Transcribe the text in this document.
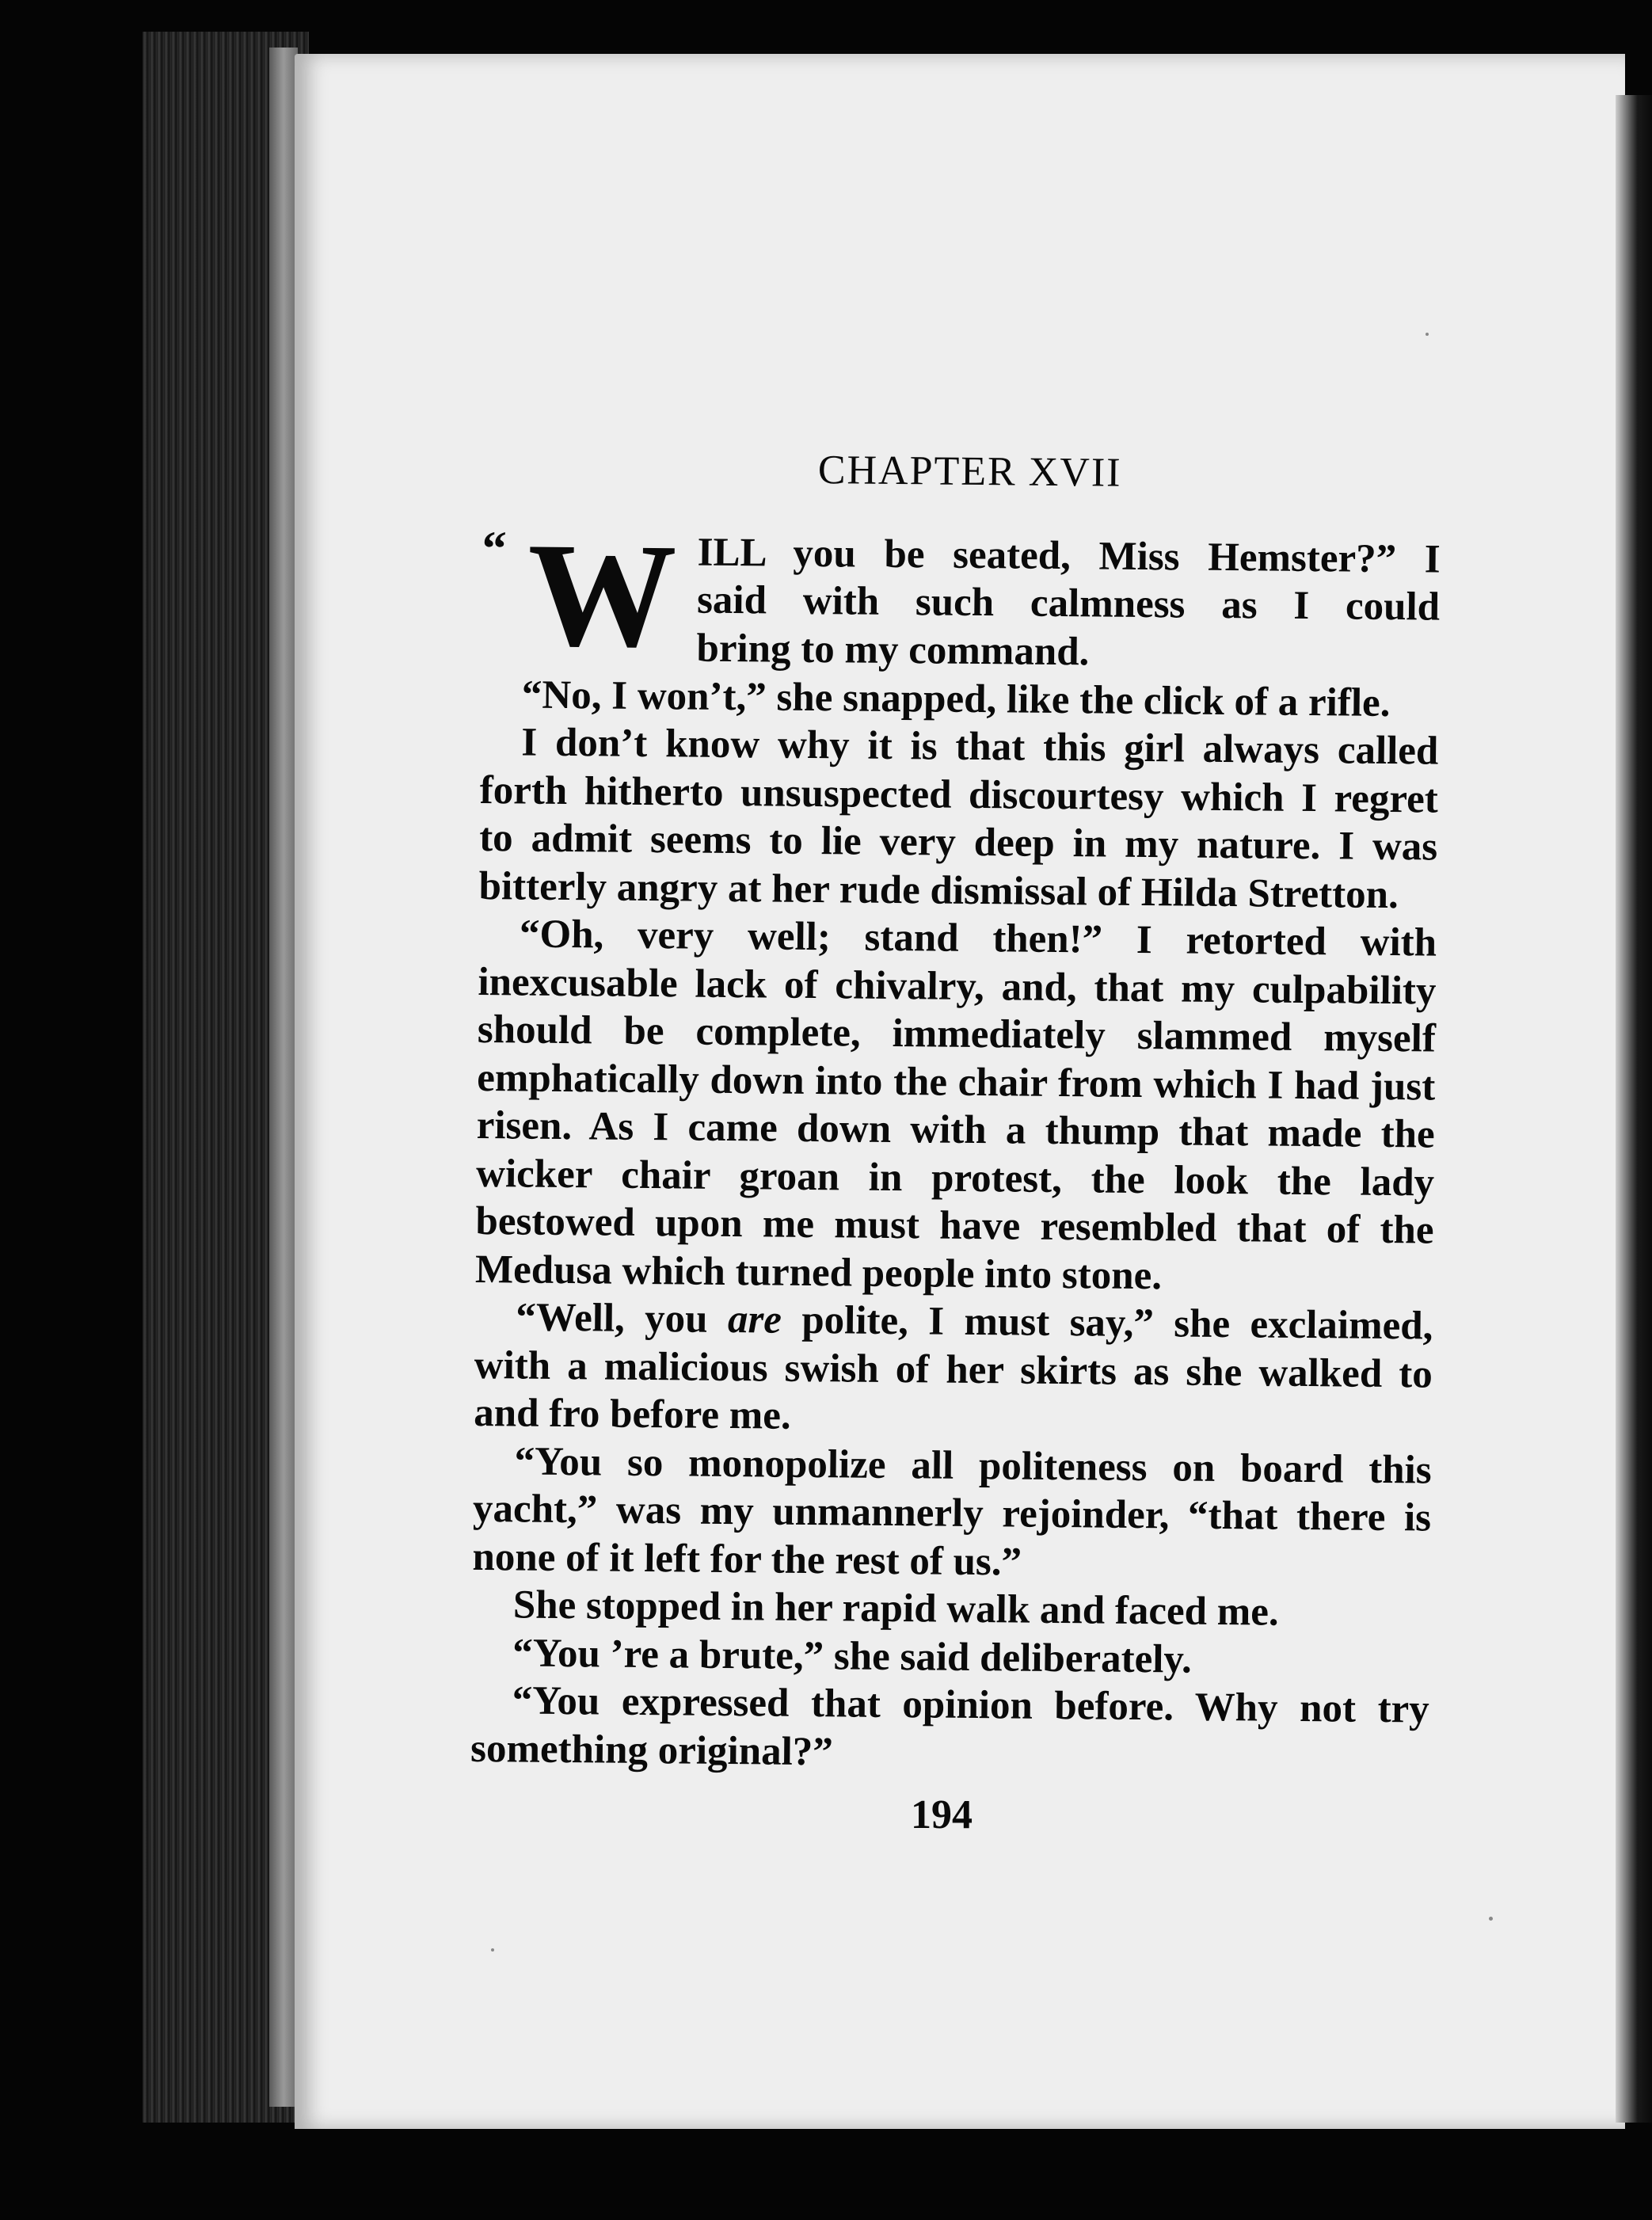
CHAPTER XVII
“ W ILL you be seated, Miss Hemster?” I
said with such calmness as I could
bring to my command.

“No, I won’t,” she snapped, like the click of a rifle.

I don’t know why it is that this girl always called forth hitherto unsuspected discourtesy which I regret to admit seems to lie very deep in my nature. I was bitterly angry at her rude dismissal of Hilda Stretton.

“Oh, very well; stand then!” I retorted with inexcusable lack of chivalry, and, that my culpability should be complete, immediately slammed myself emphatically down into the chair from which I had just risen. As I came down with a thump that made the wicker chair groan in protest, the look the lady bestowed upon me must have resembled that of the Medusa which turned people into stone.

“Well, you are polite, I must say,” she exclaimed, with a malicious swish of her skirts as she walked to and fro before me.

“You so monopolize all politeness on board this yacht,” was my unmannerly rejoinder, “that there is none of it left for the rest of us.”

She stopped in her rapid walk and faced me.

“You ’re a brute,” she said deliberately.

“You expressed that opinion before. Why not try something original?”

194
